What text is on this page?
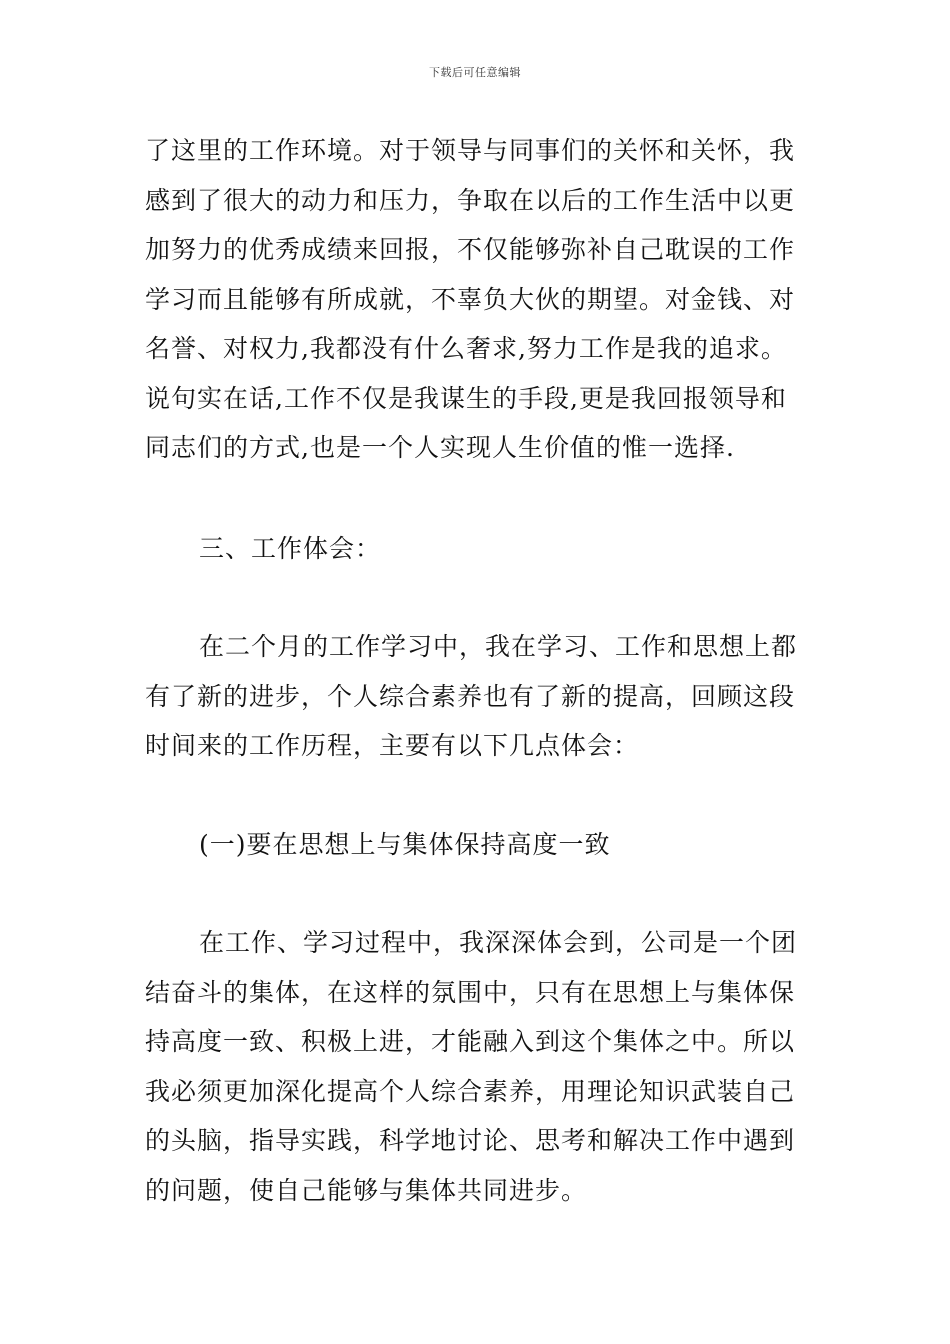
下载后可任意编辑

了这里的工作环境。对于领导与同事们的关怀和关怀，我感到了很大的动力和压力，争取在以后的工作生活中以更加努力的优秀成绩来回报，不仅能够弥补自己耽误的工作学习而且能够有所成就，不辜负大伙的期望。对金钱、对名誉、对权力,我都没有什么奢求,努力工作是我的追求。说句实在话,工作不仅是我谋生的手段,更是我回报领导和同志们的方式,也是一个人实现人生价值的惟一选择.

三、工作体会：

在二个月的工作学习中，我在学习、工作和思想上都有了新的进步，个人综合素养也有了新的提高，回顾这段时间来的工作历程，主要有以下几点体会：

(一)要在思想上与集体保持高度一致

在工作、学习过程中，我深深体会到，公司是一个团结奋斗的集体，在这样的氛围中，只有在思想上与集体保持高度一致、积极上进，才能融入到这个集体之中。所以我必须更加深化提高个人综合素养，用理论知识武装自己的头脑，指导实践，科学地讨论、思考和解决工作中遇到的问题，使自己能够与集体共同进步。
